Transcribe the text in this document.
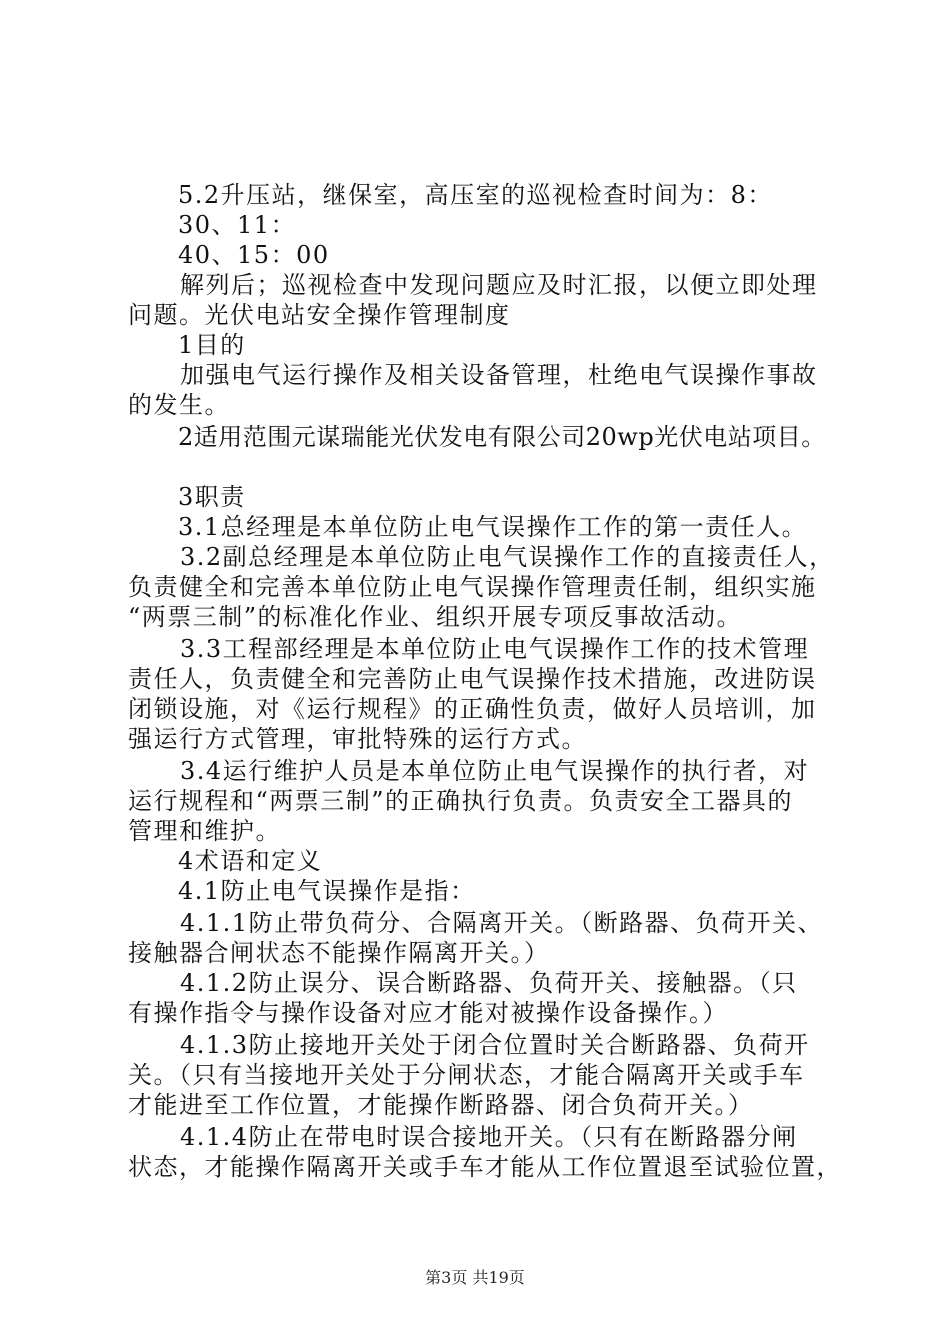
5.2升压站，继保室，高压室的巡视检查时间为：8：

30、11：

40、15：00

解列后；巡视检查中发现问题应及时汇报，以便立即处理

问题。光伏电站安全操作管理制度

1目的

加强电气运行操作及相关设备管理，杜绝电气误操作事故

的发生。

2适用范围元谋瑞能光伏发电有限公司20wp光伏电站项目。

3职责

3.1总经理是本单位防止电气误操作工作的第一责任人。

3.2副总经理是本单位防止电气误操作工作的直接责任人，

负责健全和完善本单位防止电气误操作管理责任制，组织实施

“两票三制”的标准化作业、组织开展专项反事故活动。

3.3工程部经理是本单位防止电气误操作工作的技术管理

责任人，负责健全和完善防止电气误操作技术措施，改进防误

闭锁设施，对《运行规程》的正确性负责，做好人员培训，加

强运行方式管理，审批特殊的运行方式。

3.4运行维护人员是本单位防止电气误操作的执行者，对

运行规程和“两票三制”的正确执行负责。负责安全工器具的

管理和维护。

4术语和定义

4.1防止电气误操作是指：

4.1.1防止带负荷分、合隔离开关。（断路器、负荷开关、

接触器合闸状态不能操作隔离开关。）

4.1.2防止误分、误合断路器、负荷开关、接触器。（只

有操作指令与操作设备对应才能对被操作设备操作。）

4.1.3防止接地开关处于闭合位置时关合断路器、负荷开

关。（只有当接地开关处于分闸状态，才能合隔离开关或手车

才能进至工作位置，才能操作断路器、闭合负荷开关。）

4.1.4防止在带电时误合接地开关。（只有在断路器分闸

状态，才能操作隔离开关或手车才能从工作位置退至试验位置，

第3页 共19页
